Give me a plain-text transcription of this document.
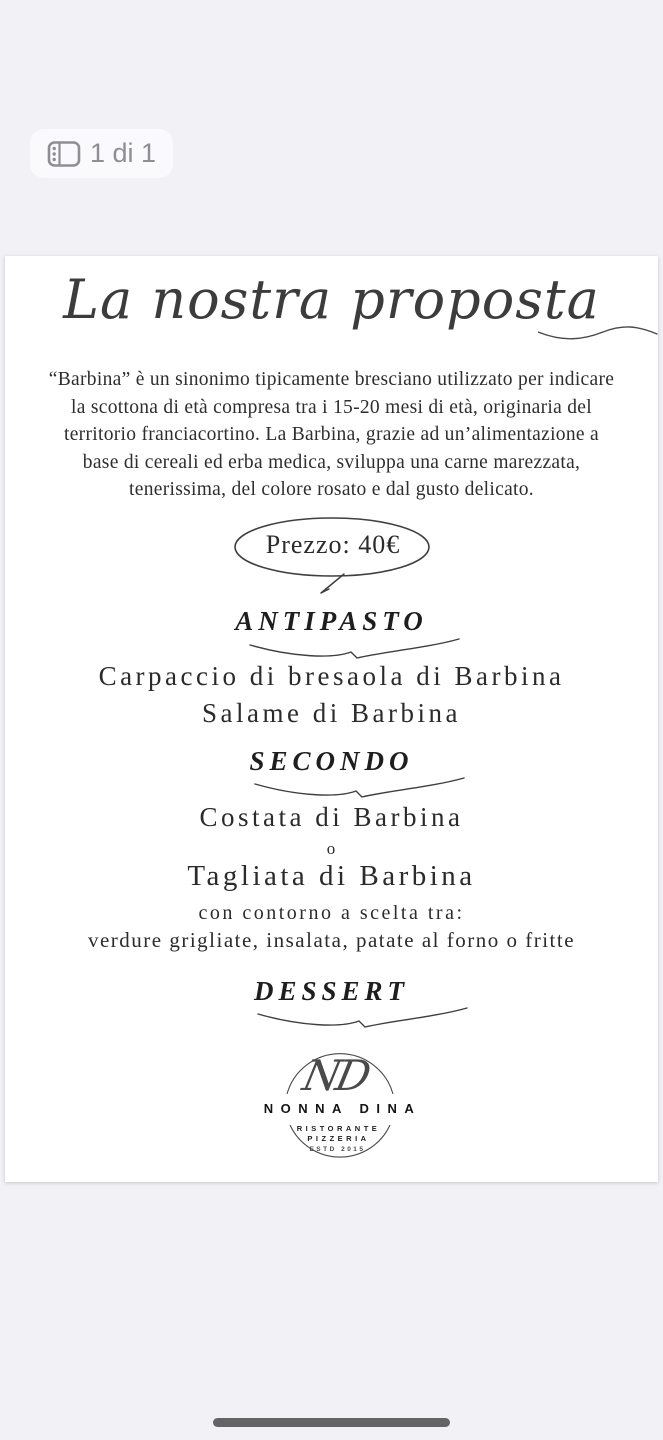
1 di 1
La nostra proposta
“Barbina” è un sinonimo tipicamente bresciano utilizzato per indicare
la scottona di età compresa tra i 15-20 mesi di età, originaria del
territorio franciacortino. La Barbina, grazie ad un’alimentazione a
base di cereali ed erba medica, sviluppa una carne marezzata,
tenerissima, del colore rosato e dal gusto delicato.
Prezzo: 40€
ANTIPASTO
Carpaccio di bresaola di Barbina
Salame di Barbina
SECONDO
Costata di Barbina
o
Tagliata di Barbina
con contorno a scelta tra:
verdure grigliate, insalata, patate al forno o fritte
DESSERT
ND
NONNA DINA
RISTORANTE
PIZZERIA
ESTD 2015
